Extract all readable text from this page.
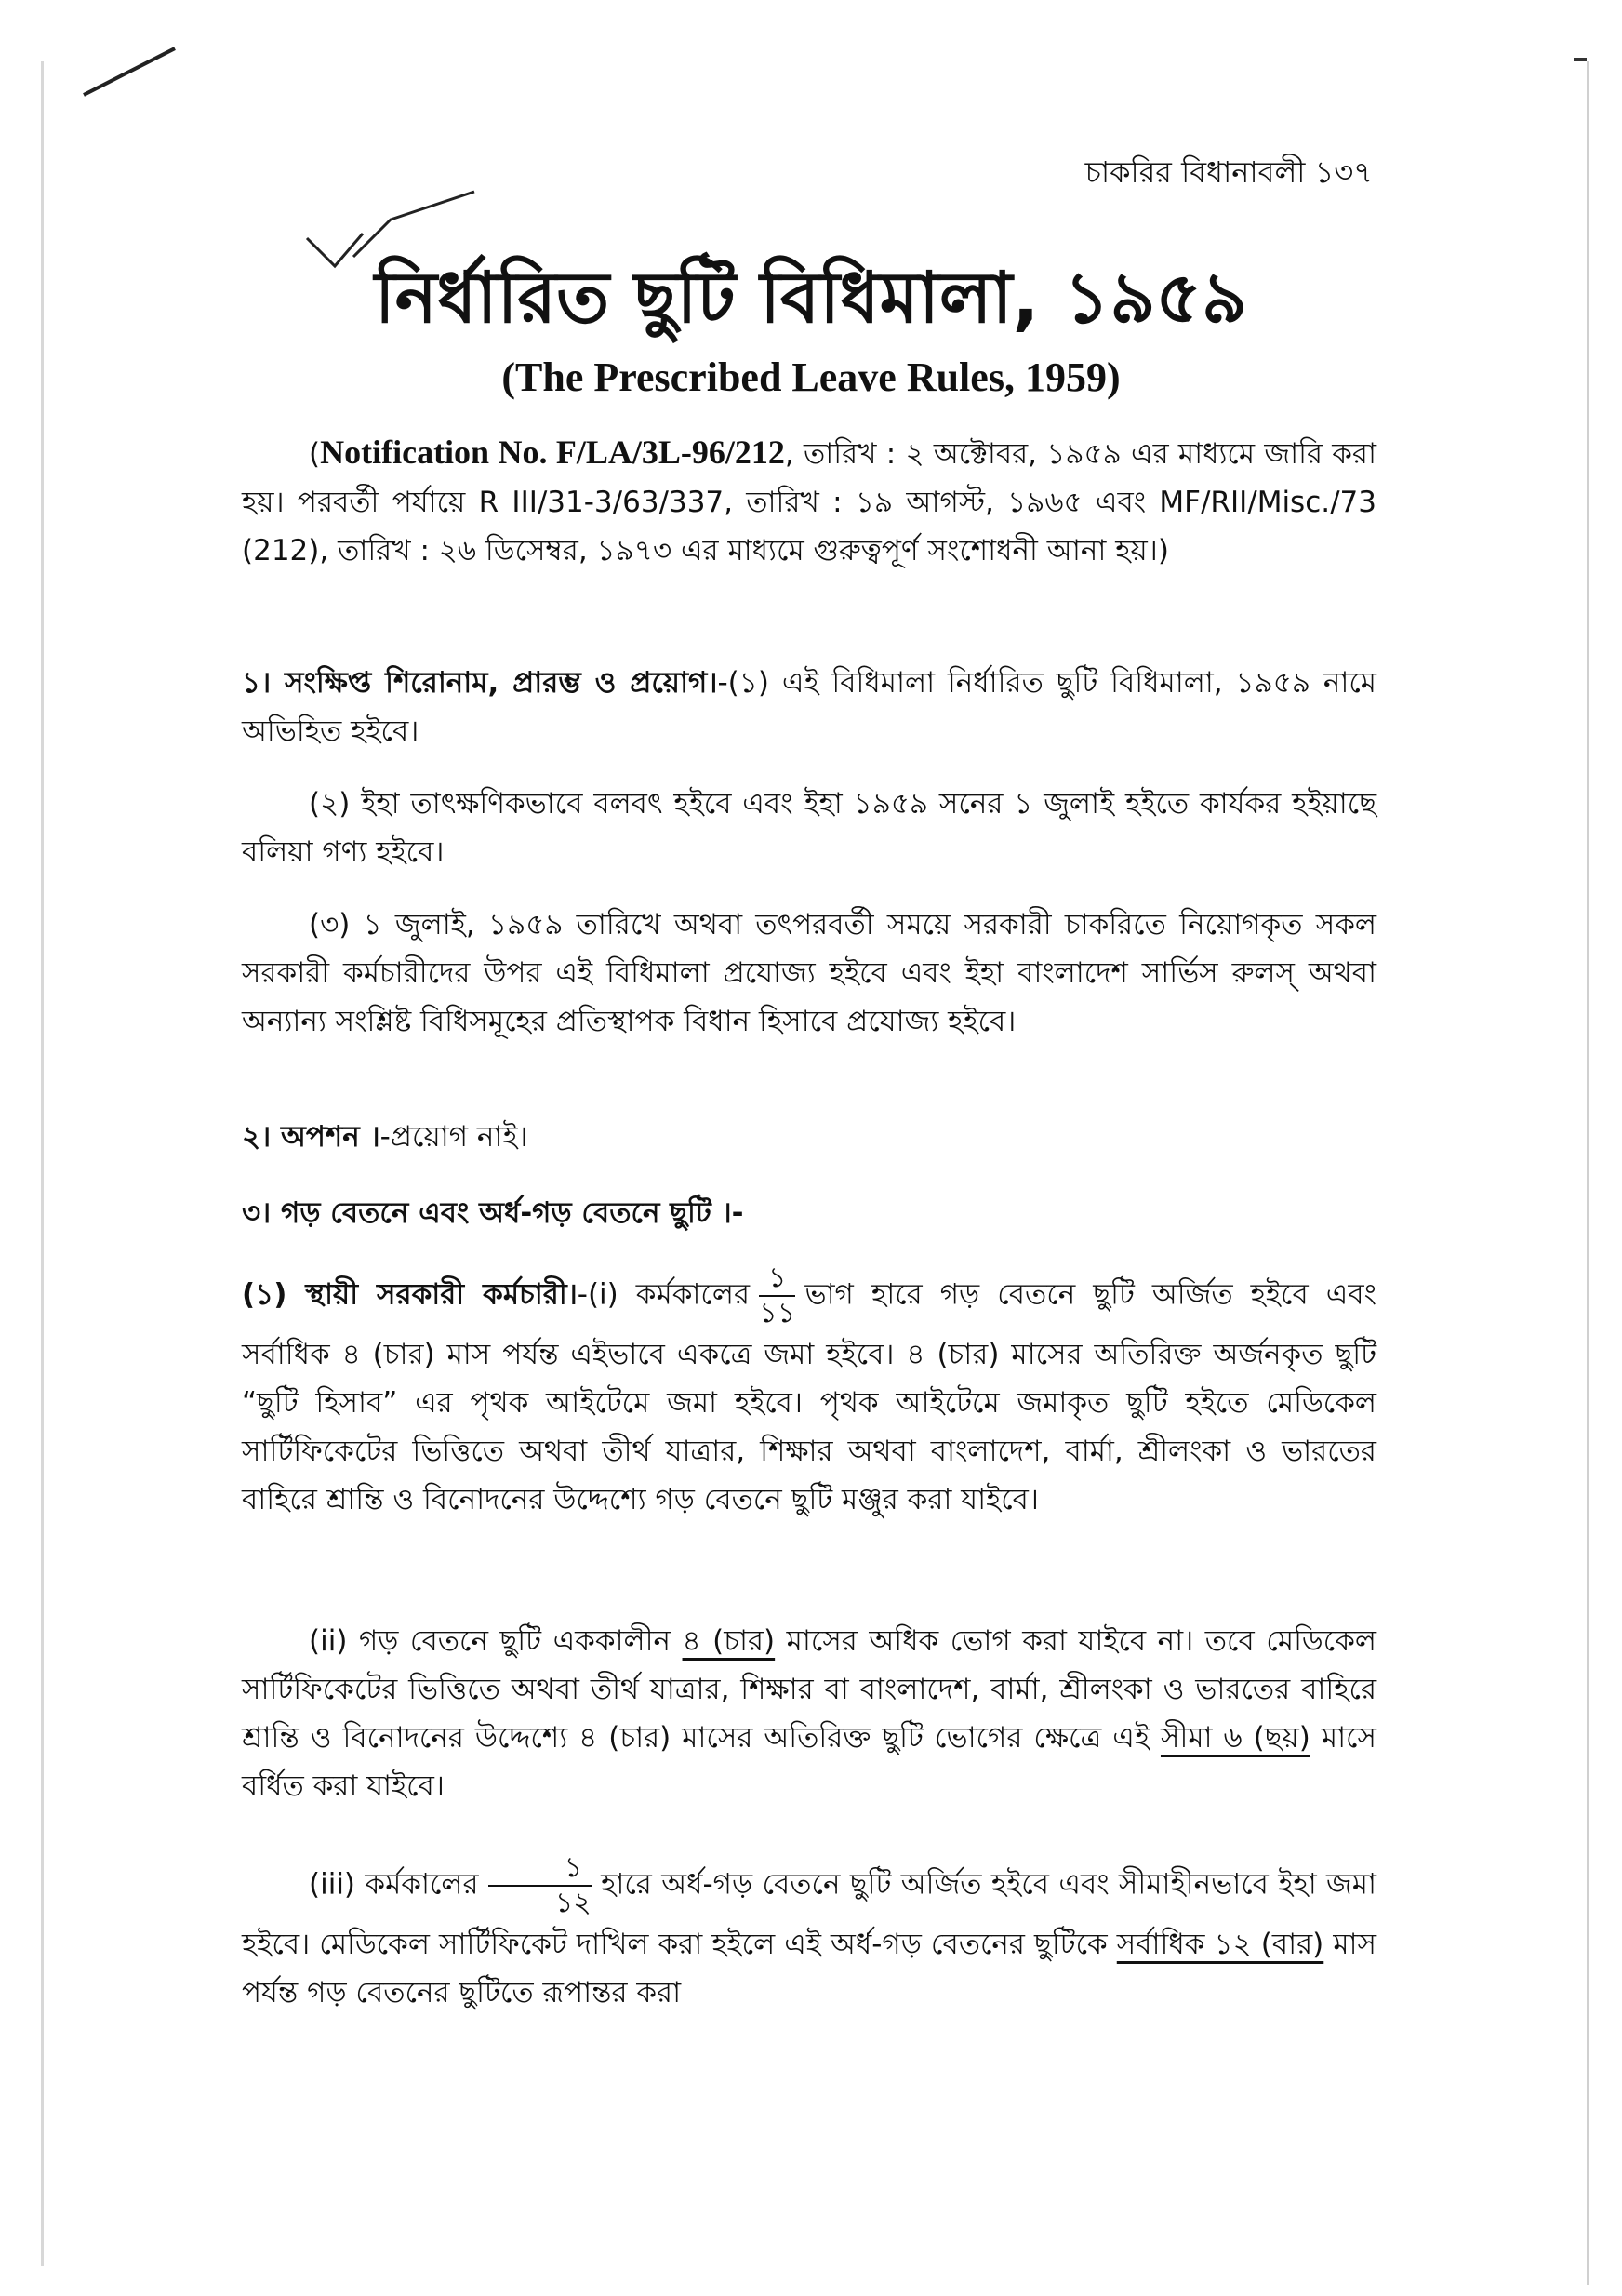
চাকরির বিধানাবলী ১৩৭
নির্ধারিত ছুটি বিধিমালা, ১৯৫৯
(The Prescribed Leave Rules, 1959)
(Notification No. F/LA/3L-96/212, তারিখ : ২ অক্টোবর, ১৯৫৯ এর মাধ্যমে জারি করা হয়। পরবর্তী পর্যায়ে R III/31-3/63/337, তারিখ : ১৯ আগস্ট, ১৯৬৫ এবং MF/RII/Misc./73 (212), তারিখ : ২৬ ডিসেম্বর, ১৯৭৩ এর মাধ্যমে গুরুত্বপূর্ণ সংশোধনী আনা হয়।)
১। সংক্ষিপ্ত শিরোনাম, প্রারম্ভ ও প্রয়োগ।-(১) এই বিধিমালা নির্ধারিত ছুটি বিধিমালা, ১৯৫৯ নামে অভিহিত হইবে।
(২) ইহা তাৎক্ষণিকভাবে বলবৎ হইবে এবং ইহা ১৯৫৯ সনের ১ জুলাই হইতে কার্যকর হইয়াছে বলিয়া গণ্য হইবে।
(৩) ১ জুলাই, ১৯৫৯ তারিখে অথবা তৎপরবর্তী সময়ে সরকারী চাকরিতে নিয়োগকৃত সকল সরকারী কর্মচারীদের উপর এই বিধিমালা প্রযোজ্য হইবে এবং ইহা বাংলাদেশ সার্ভিস রুলস্ অথবা অন্যান্য সংশ্লিষ্ট বিধিসমূহের প্রতিস্থাপক বিধান হিসাবে প্রযোজ্য হইবে।
২। অপশন ।-প্রয়োগ নাই।
৩। গড় বেতনে এবং অর্ধ-গড় বেতনে ছুটি ।-
(১) স্থায়ী সরকারী কর্মচারী।-(i) কর্মকালের $\frac{১}{১১}$ ভাগ হারে গড় বেতনে ছুটি অর্জিত হইবে এবং সর্বাধিক ৪ (চার) মাস পর্যন্ত এইভাবে একত্রে জমা হইবে। ৪ (চার) মাসের অতিরিক্ত অর্জনকৃত ছুটি “ছুটি হিসাব” এর পৃথক আইটেমে জমা হইবে। পৃথক আইটেমে জমাকৃত ছুটি হইতে মেডিকেল সার্টিফিকেটের ভিত্তিতে অথবা তীর্থ যাত্রার, শিক্ষার অথবা বাংলাদেশ, বার্মা, শ্রীলংকা ও ভারতের বাহিরে শ্রান্তি ও বিনোদনের উদ্দেশ্যে গড় বেতনে ছুটি মঞ্জুর করা যাইবে।
(ii) গড় বেতনে ছুটি এককালীন ৪ (চার) মাসের অধিক ভোগ করা যাইবে না। তবে মেডিকেল সার্টিফিকেটের ভিত্তিতে অথবা তীর্থ যাত্রার, শিক্ষার বা বাংলাদেশ, বার্মা, শ্রীলংকা ও ভারতের বাহিরে শ্রান্তি ও বিনোদনের উদ্দেশ্যে ৪ (চার) মাসের অতিরিক্ত ছুটি ভোগের ক্ষেত্রে এই সীমা ৬ (ছয়) মাসে বর্ধিত করা যাইবে।
(iii) কর্মকালের $\frac{১}{১২}$ হারে অর্ধ-গড় বেতনে ছুটি অর্জিত হইবে এবং সীমাহীনভাবে ইহা জমা হইবে। মেডিকেল সার্টিফিকেট দাখিল করা হইলে এই অর্ধ-গড় বেতনের ছুটিকে সর্বাধিক ১২ (বার) মাস পর্যন্ত গড় বেতনের ছুটিতে রূপান্তর করা
